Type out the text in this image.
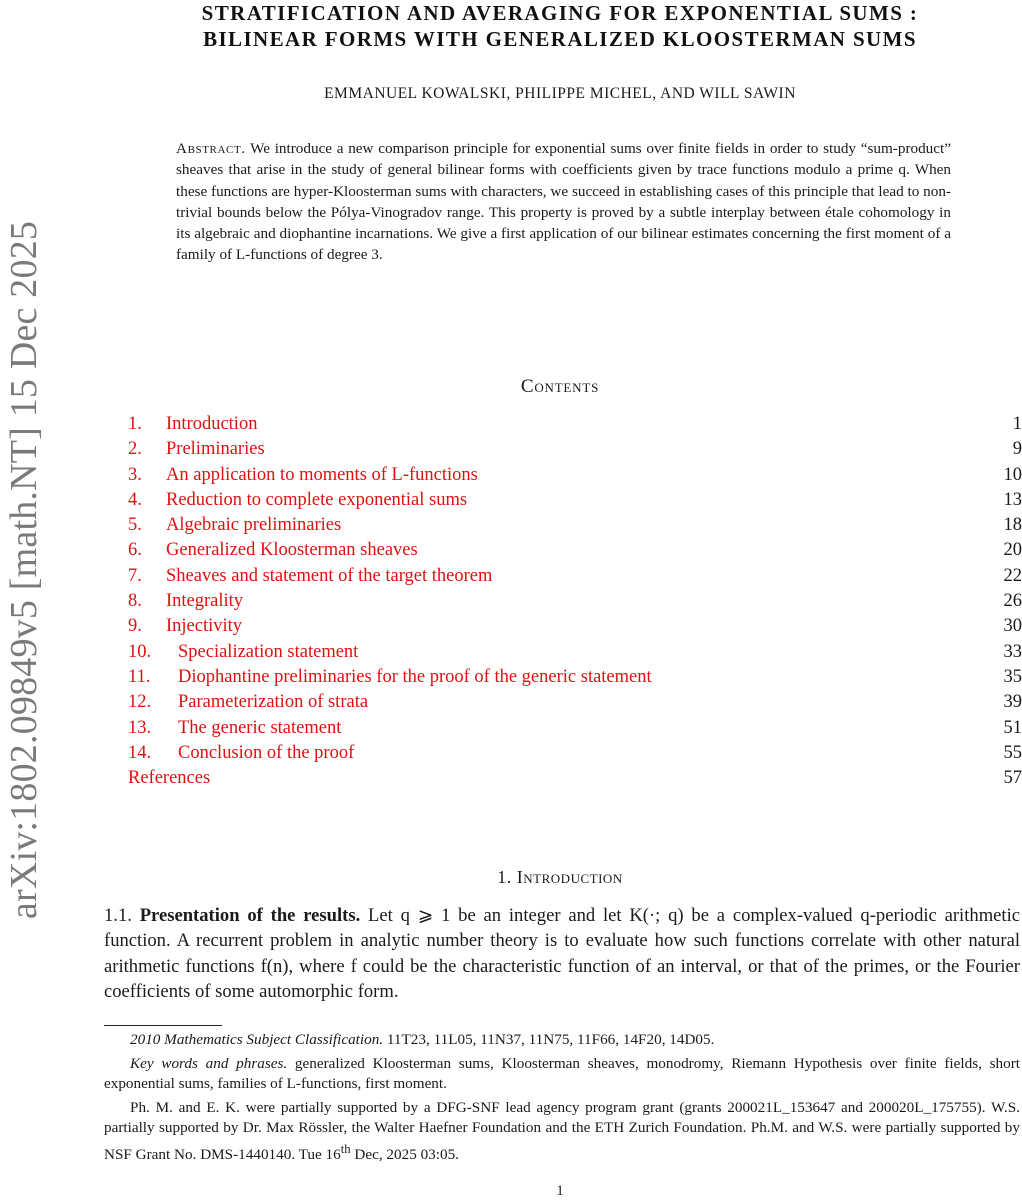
arXiv:1802.09849v5 [math.NT] 15 Dec 2025
STRATIFICATION AND AVERAGING FOR EXPONENTIAL SUMS :
BILINEAR FORMS WITH GENERALIZED KLOOSTERMAN SUMS
EMMANUEL KOWALSKI, PHILIPPE MICHEL, AND WILL SAWIN
Abstract. We introduce a new comparison principle for exponential sums over finite fields in order to study “sum-product” sheaves that arise in the study of general bilinear forms with coefficients given by trace functions modulo a prime q. When these functions are hyper-Kloosterman sums with characters, we succeed in establishing cases of this principle that lead to non-trivial bounds below the Pólya-Vinogradov range. This property is proved by a subtle interplay between étale cohomology in its algebraic and diophantine incarnations. We give a first application of our bilinear estimates concerning the first moment of a family of L-functions of degree 3.
Contents
1. Introduction	1
2. Preliminaries	9
3. An application to moments of L-functions	10
4. Reduction to complete exponential sums	13
5. Algebraic preliminaries	18
6. Generalized Kloosterman sheaves	20
7. Sheaves and statement of the target theorem	22
8. Integrality	26
9. Injectivity	30
10. Specialization statement	33
11. Diophantine preliminaries for the proof of the generic statement	35
12. Parameterization of strata	39
13. The generic statement	51
14. Conclusion of the proof	55
References	57
1. Introduction
1.1. Presentation of the results. Let q ⩾ 1 be an integer and let K(·; q) be a complex-valued q-periodic arithmetic function. A recurrent problem in analytic number theory is to evaluate how such functions correlate with other natural arithmetic functions f(n), where f could be the characteristic function of an interval, or that of the primes, or the Fourier coefficients of some automorphic form.

2010 Mathematics Subject Classification. 11T23, 11L05, 11N37, 11N75, 11F66, 14F20, 14D05.

Key words and phrases. generalized Kloosterman sums, Kloosterman sheaves, monodromy, Riemann Hypothesis over finite fields, short exponential sums, families of L-functions, first moment.

Ph. M. and E. K. were partially supported by a DFG-SNF lead agency program grant (grants 200021L_153647 and 200020L_175755). W.S. partially supported by Dr. Max Rössler, the Walter Haefner Foundation and the ETH Zurich Foundation. Ph.M. and W.S. were partially supported by NSF Grant No. DMS-1440140. Tue 16th Dec, 2025 03:05.

1
